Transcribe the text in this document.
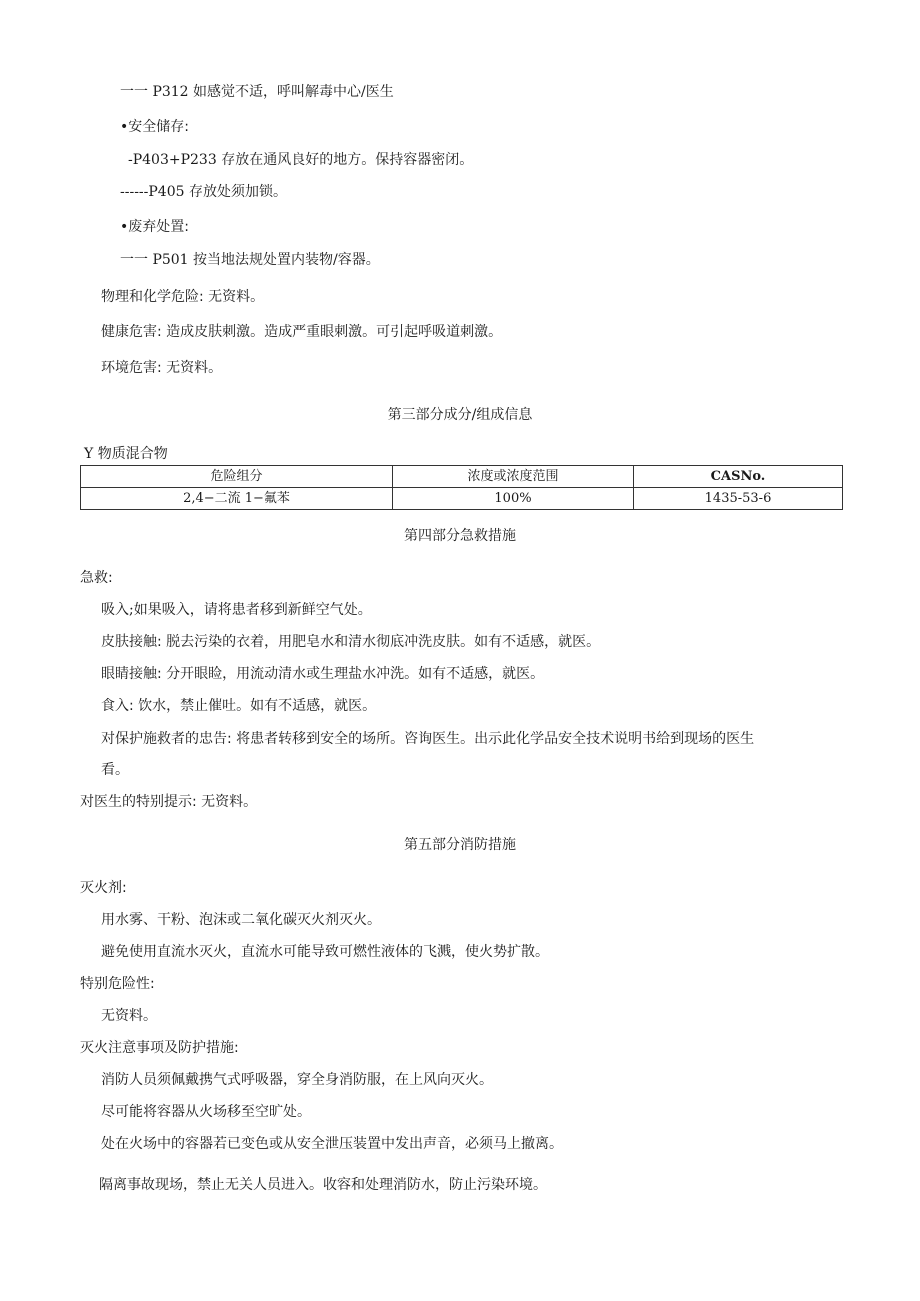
一一 P312 如感觉不适，呼叫解毒中心/医生
•安全储存:
-P403+P233 存放在通风良好的地方。保持容器密闭。
------P405 存放处须加锁。
•废弃处置:
一一 P501 按当地法规处置内装物/容器。
物理和化学危险: 无资料。
健康危害: 造成皮肤刺激。造成严重眼刺激。可引起呼吸道刺激。
环境危害: 无资料。
第三部分成分/组成信息
Y 物质混合物
危险组分	浓度或浓度范围	CASNo.
2,4−二流 1−氟苯	100%	1435-53-6
第四部分急救措施
急救:
吸入;如果吸入，请将患者移到新鲜空气处。
皮肤接触: 脱去污染的衣着，用肥皂水和清水彻底冲洗皮肤。如有不适感，就医。
眼睛接触: 分开眼睑，用流动清水或生理盐水冲洗。如有不适感，就医。
食入: 饮水，禁止催吐。如有不适感，就医。
对保护施救者的忠告: 将患者转移到安全的场所。咨询医生。出示此化学品安全技术说明书给到现场的医生
看。
对医生的特别提示: 无资料。
第五部分消防措施
灭火剂:
用水雾、干粉、泡沫或二氧化碳灭火剂灭火。
避免使用直流水灭火，直流水可能导致可燃性液体的飞溅，使火势扩散。
特别危险性:
无资料。
灭火注意事项及防护措施:
消防人员须佩戴携气式呼吸器，穿全身消防服，在上风向灭火。
尽可能将容器从火场移至空旷处。
处在火场中的容器若已变色或从安全泄压装置中发出声音，必须马上撤离。
隔离事故现场，禁止无关人员进入。收容和处理消防水，防止污染环境。
